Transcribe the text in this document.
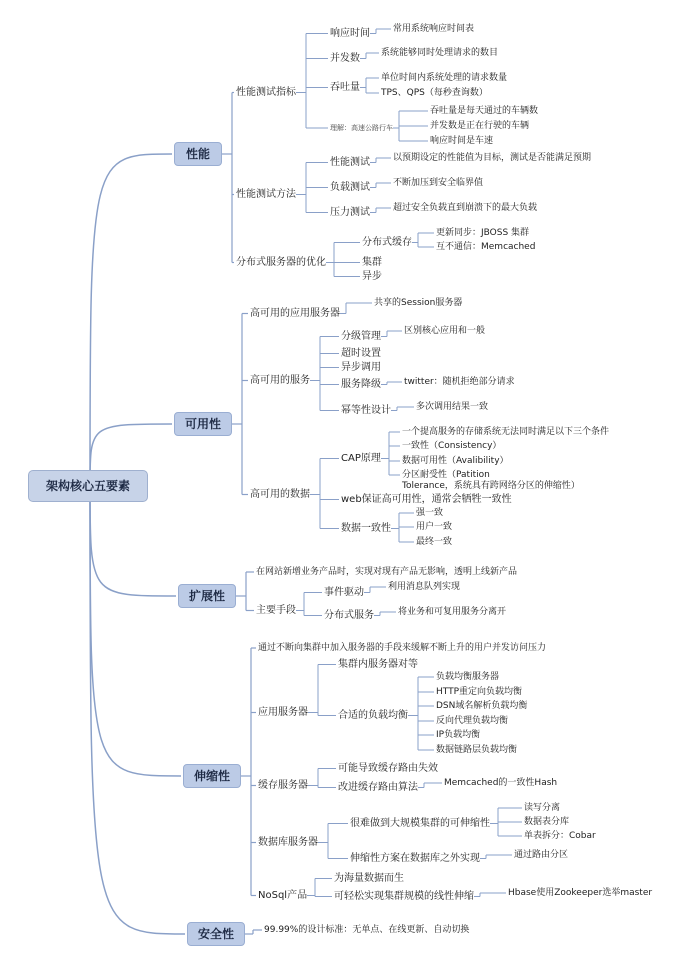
架构核心五要素
性能
性能测试指标
响应时间	常用系统响应时间表
并发数 系统能够同时处理请求的数目
吞吐量
单位时间内系统处理的请求数量
TPS、QPS（每秒查询数）
理解：高速公路行车
吞吐量是每天通过的车辆数
并发数是正在行驶的车辆
响应时间是车速
性能测试方法
性能测试	以预期设定的性能值为目标，测试是否能满足预期
负载测试	不断加压到安全临界值
压力测试	超过安全负载直到崩溃下的最大负载
分布式服务器的优化
分布式缓存
更新同步：JBOSS 集群
互不通信：Memcached
集群
异步
可用性
高可用的应用服务器
共享的Session服务器
高可用的服务
分级管理	区别核心应用和一般
超时设置
异步调用
服务降级	twitter：随机拒绝部分请求
幂等性设计	多次调用结果一致
高可用的数据
CAP原理
一个提高服务的存储系统无法同时满足以下三个条件
一致性（Consistency）
数据可用性（Avalibility）
分区耐受性（Patition
Tolerance，系统具有跨网络分区的伸缩性）
web保证高可用性，通常会牺牲一致性
数据一致性
强一致
用户一致
最终一致
扩展性
在网站新增业务产品时，实现对现有产品无影响，透明上线新产品
主要手段
事件驱动	利用消息队列实现
分布式服务	将业务和可复用服务分离开
伸缩性
通过不断向集群中加入服务器的手段来缓解不断上升的用户并发访问压力
应用服务器
集群内服务器对等
合适的负载均衡
负载均衡服务器
HTTP重定向负载均衡
DSN域名解析负载均衡
反向代理负载均衡
IP负载均衡
数据链路层负载均衡
缓存服务器
可能导致缓存路由失效
改进缓存路由算法	Memcached的一致性Hash
数据库服务器
很难做到大规模集群的可伸缩性
读写分离
数据表分库
单表拆分：Cobar
伸缩性方案在数据库之外实现	通过路由分区
NoSql产品
为海量数据而生
可轻松实现集群规模的线性伸缩	Hbase使用Zookeeper选举master
安全性	99.99%的设计标准：无单点、在线更新、自动切换
